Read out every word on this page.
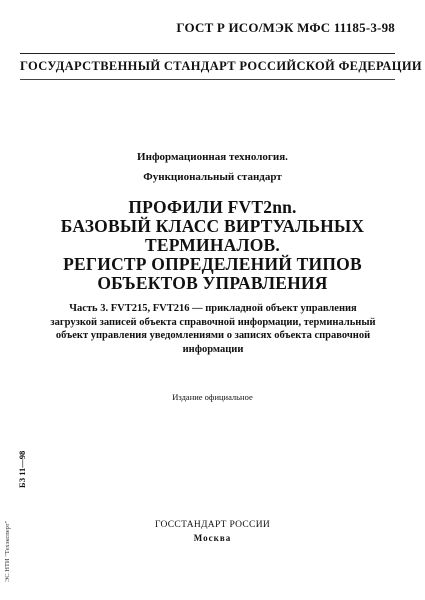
ГОСТ Р ИСО/МЭК МФС 11185-3-98
ГОСУДАРСТВЕННЫЙ СТАНДАРТ РОССИЙСКОЙ ФЕДЕРАЦИИ
Информационная технология.
Функциональный стандарт
ПРОФИЛИ FVT2nn.
БАЗОВЫЙ КЛАСС ВИРТУАЛЬНЫХ
ТЕРМИНАЛОВ.
РЕГИСТР ОПРЕДЕЛЕНИЙ ТИПОВ
ОБЪЕКТОВ УПРАВЛЕНИЯ
Часть 3. FVT215, FVT216 — прикладной объект управления
загрузкой записей объекта справочной информации, терминальный
объект управления уведомлениями о записях объекта справочной
информации
Издание официальное
БЗ 11—98
ЭС НТИ "Техэксперт"	ГОССТАНДАРТ РОССИИ
Москва
